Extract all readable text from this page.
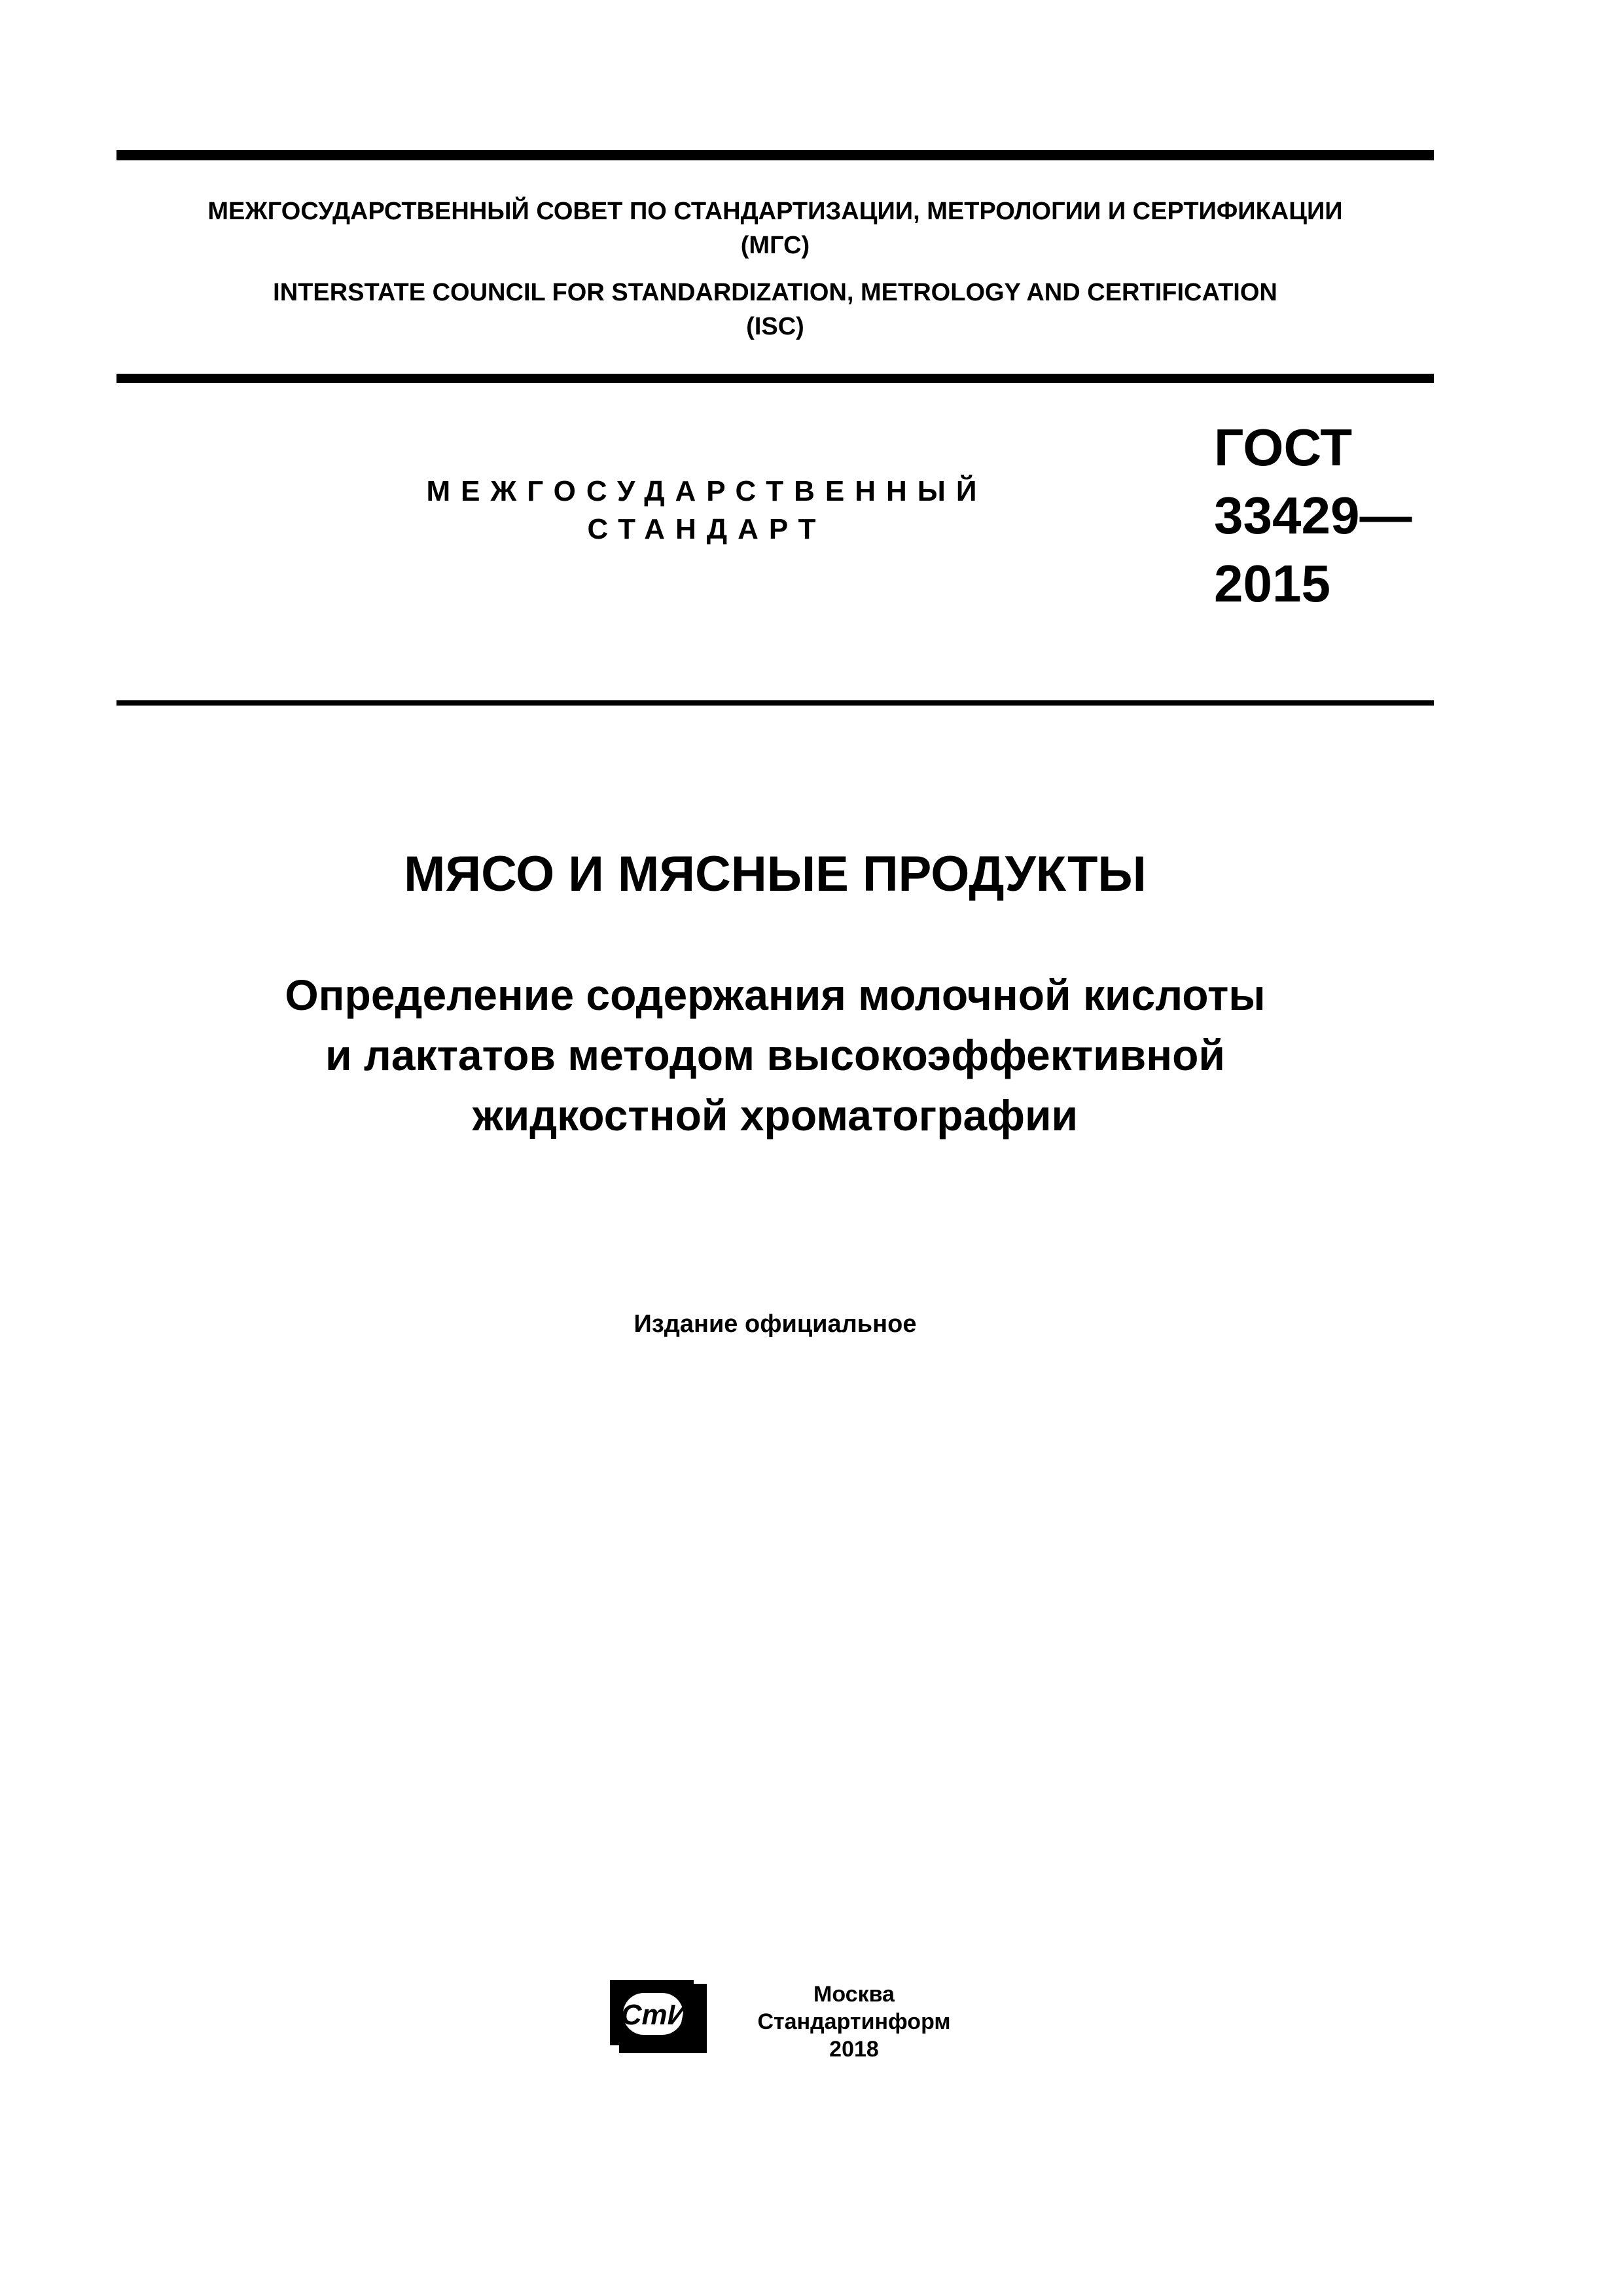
МЕЖГОСУДАРСТВЕННЫЙ СОВЕТ ПО СТАНДАРТИЗАЦИИ, МЕТРОЛОГИИ И СЕРТИФИКАЦИИ
(МГС)
INTERSTATE COUNCIL FOR STANDARDIZATION, METROLOGY AND CERTIFICATION
(ISC)
МЕЖГОСУДАРСТВЕННЫЙ
СТАНДАРТ
ГОСТ
33429—
2015
МЯСО И МЯСНЫЕ ПРОДУКТЫ
Определение содержания молочной кислоты
и лактатов методом высокоэффективной
жидкостной хроматографии
Издание официальное
СтИ
Москва
Стандартинформ
2018
